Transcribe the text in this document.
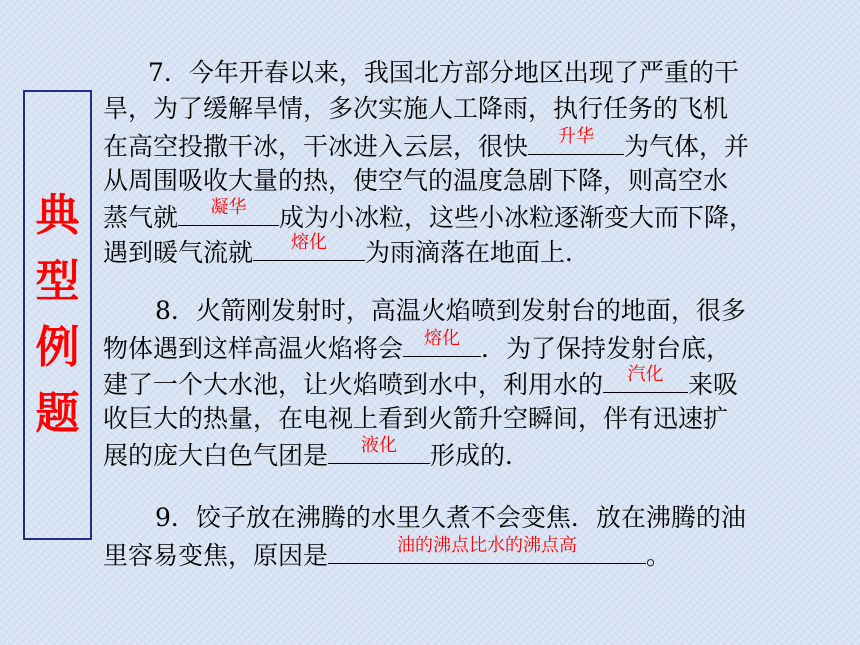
典
型
例
题
7．今年开春以来，我国北方部分地区出现了严重的干
旱，为了缓解旱情，多次实施人工降雨，执行任务的飞机
在高空投撒干冰，干冰进入云层，很快	升华	为气体，并
从周围吸收大量的热，使空气的温度急剧下降，则高空水
蒸气就	凝华	成为小冰粒，这些小冰粒逐渐变大而下降，
遇到暖气流就	熔化	为雨滴落在地面上．
8．火箭刚发射时，高温火焰喷到发射台的地面，很多
物体遇到这样高温火焰将会	熔化 ．为了保持发射台底，
建了一个大水池，让火焰喷到水中，利用水的	汽化 来吸
收巨大的热量，在电视上看到火箭升空瞬间，伴有迅速扩
展的庞大白色气团是	液化	形成的．
9．饺子放在沸腾的水里久煮不会变焦．放在沸腾的油
里容易变焦，原因是	油的沸点比水的沸点高	。
